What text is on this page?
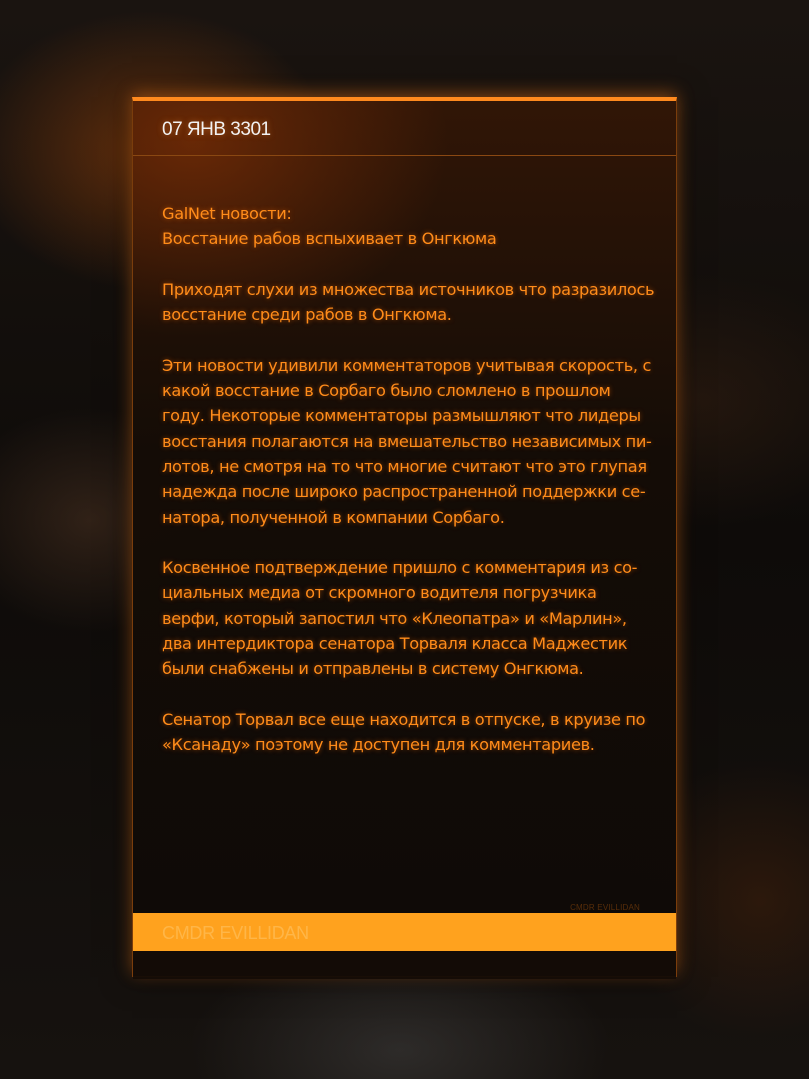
07 ЯНВ 3301

GalNet новости:
Восстание рабов вспыхивает в Онгкюма

Приходят слухи из множества источников что разразилось
восстание среди рабов в Онгкюма.

Эти новости удивили комментаторов учитывая скорость, с
какой восстание в Сорбаго было сломлено в прошлом
году. Некоторые комментаторы размышляют что лидеры
восстания полагаются на вмешательство независимых пи-
лотов, не смотря на то что многие считают что это глупая
надежда после широко распространенной поддержки се-
натора, полученной в компании Сорбаго.

Косвенное подтверждение пришло с комментария из со-
циальных медиа от скромного водителя погрузчика
верфи, который запостил что «Клеопатра» и «Марлин»,
два интердиктора сенатора Торваля класса Маджестик
были снабжены и отправлены в систему Онгкюма.

Сенатор Торвал все еще находится в отпуске, в круизе по
«Ксанаду» поэтому не доступен для комментариев.

CMDR EVILLIDAN
CMDR EVILLIDAN
